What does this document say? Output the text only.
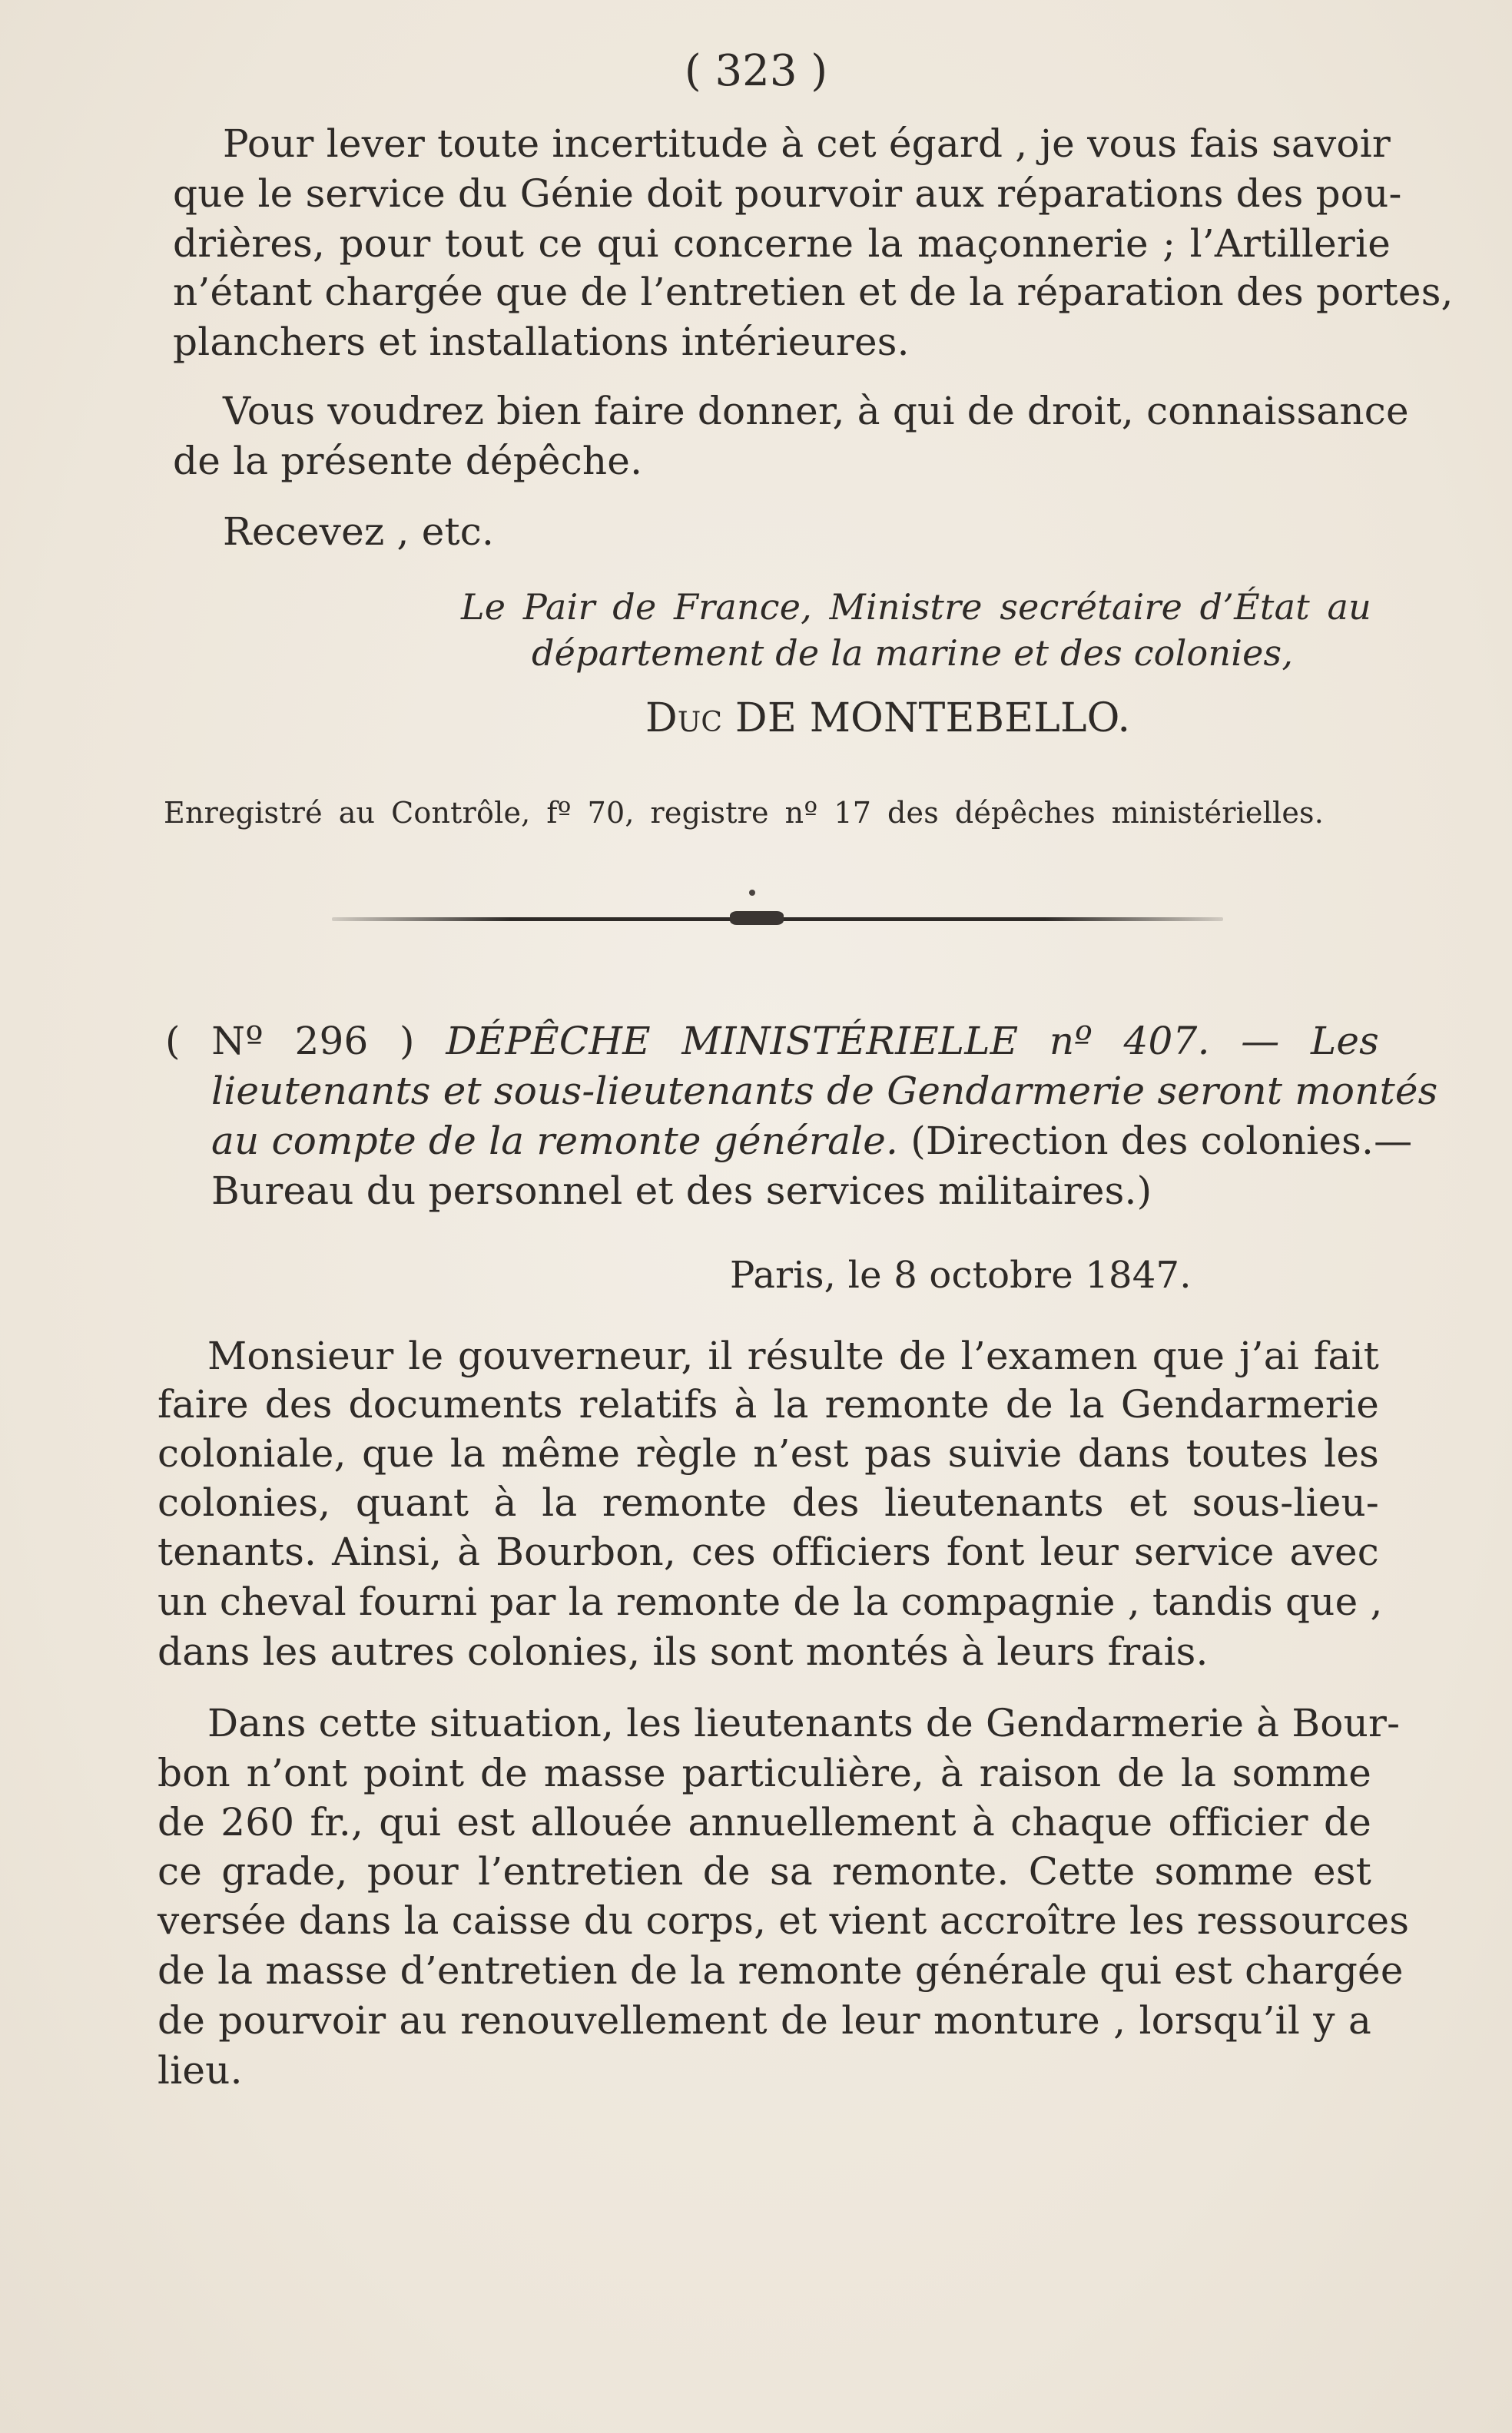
( 323 )
Pour lever toute incertitude à cet égard , je vous fais savoir
que le service du Génie doit pourvoir aux réparations des pou-
drières, pour tout ce qui concerne la maçonnerie ; l’Artillerie
n’étant chargée que de l’entretien et de la réparation des portes,
planchers et installations intérieures.
Vous voudrez bien faire donner, à qui de droit, connaissance
de la présente dépêche.
Recevez , etc.
Le Pair de France, Ministre secrétaire d’État au
département de la marine et des colonies,
Duc DE MONTEBELLO.
Enregistré au Contrôle, fº 70, registre nº 17 des dépêches ministérielles.
( Nº 296 ) DÉPÊCHE MINISTÉRIELLE nº 407. — Les
lieutenants et sous-lieutenants de Gendarmerie seront montés
au compte de la remonte générale. (Direction des colonies.—
Bureau du personnel et des services militaires.)
Paris, le 8 octobre 1847.
Monsieur le gouverneur, il résulte de l’examen que j’ai fait
faire des documents relatifs à la remonte de la Gendarmerie
coloniale, que la même règle n’est pas suivie dans toutes les
colonies, quant à la remonte des lieutenants et sous-lieu-
tenants. Ainsi, à Bourbon, ces officiers font leur service avec
un cheval fourni par la remonte de la compagnie , tandis que ,
dans les autres colonies, ils sont montés à leurs frais.
Dans cette situation, les lieutenants de Gendarmerie à Bour-
bon n’ont point de masse particulière, à raison de la somme
de 260 fr., qui est allouée annuellement à chaque officier de
ce grade, pour l’entretien de sa remonte. Cette somme est
versée dans la caisse du corps, et vient accroître les ressources
de la masse d’entretien de la remonte générale qui est chargée
de pourvoir au renouvellement de leur monture , lorsqu’il y a
lieu.
